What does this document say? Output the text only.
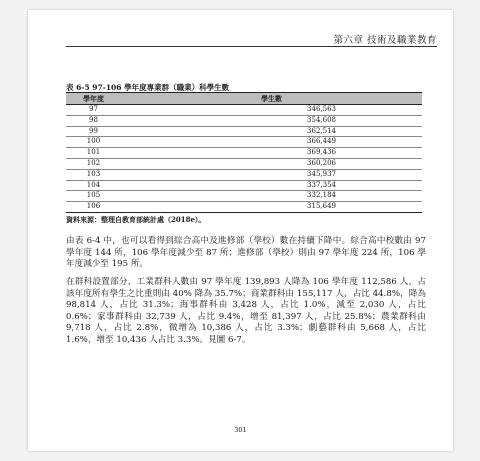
第六章 技術及職業教育
表 6-5 97-106 學年度專業群（職業）科學生數
學年度	學生數
97	346,563
98	354,608
99	362,514
100	366,449
101	369,436
102	360,206
103	345,937
104	337,354
105	332,184
106	315,649
資料來源：整理自教育部統計處（2018e）。

由表 6-4 中，也可以看得到綜合高中及進修部（學校）數在持續下降中。綜合高中校數由 97 學年度 144 所，106 學年度減少至 87 所；進修部（學校）則由 97 學年度 224 所，106 學年度減少至 195 所。

在群科設置部分，工業群科人數由 97 學年度 139,893 人降為 106 學年度 112,586 人，占該年度所有學生之比重則由 40% 降為 35.7%；商業群科由 155,117 人，占比 44.8%，降為 98,814 人，占比 31.3%；海事群科由 3,428 人，占比 1.0%，減至 2,030 人，占比 0.6%；家事群科由 32,739 人，占比 9.4%，增至 81,397 人，占比 25.8%；農業群科由 9,718 人，占比 2.8%，微增為 10,386 人，占比 3.3%；劇藝群科由 5,668 人，占比 1.6%，增至 10,436 人占比 3.3%。見圖 6-7。

301
